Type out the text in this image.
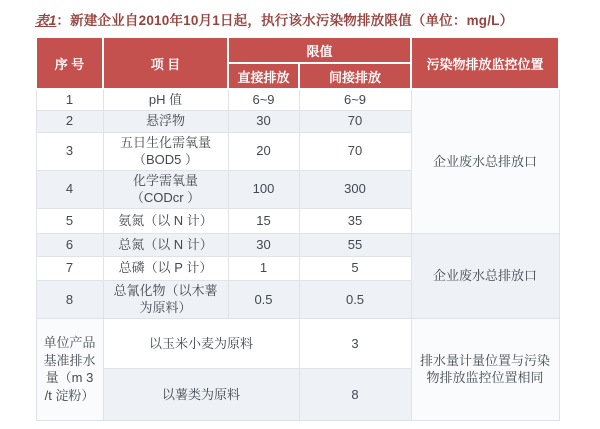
表1：新建企业自2010年10月1日起，执行该水污染物排放限值（单位：mg/L）
序 号	项 目	限值		污染物排放监控位置
		直接排放	间接排放	
1	pH 值	6~9	6~9	企业废水总排放口
2	悬浮物	30	70	
3	五日生化需氧量（BOD5 ）	20	70	
4	化学需氧量（CODcr ）	100	300	
5	氨氮（以 N 计）	15	35	
6	总氮（以 N 计）	30	55	企业废水总排放口
7	总磷（以 P 计）	1	5	
8	总氰化物（以木薯为原料）	0.5	0.5	
单位产品基准排水量（m 3 /t 淀粉）	以玉米小麦为原料		3	排水量计量位置与污染物排放监控位置相同
	以薯类为原料		8	
